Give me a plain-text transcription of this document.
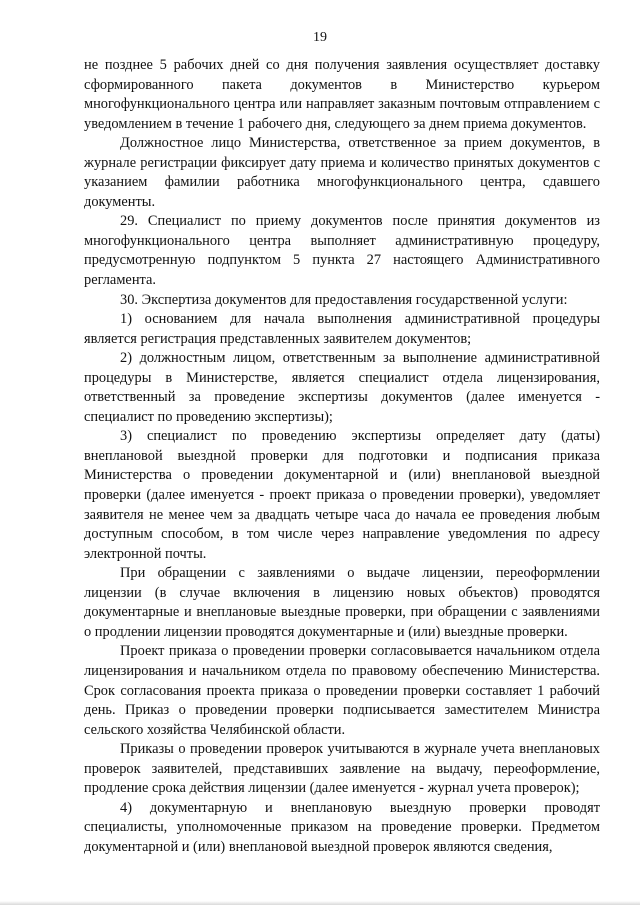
19

не позднее 5 рабочих дней со дня получения заявления осуществляет доставку сформированного пакета документов в Министерство курьером многофункционального центра или направляет заказным почтовым отправлением с уведомлением в течение 1 рабочего дня, следующего за днем приема документов.

Должностное лицо Министерства, ответственное за прием документов, в журнале регистрации фиксирует дату приема и количество принятых документов с указанием фамилии работника многофункционального центра, сдавшего документы.

29. Специалист по приему документов после принятия документов из многофункционального центра выполняет административную процедуру, предусмотренную подпунктом 5 пункта 27 настоящего Административного регламента.

30. Экспертиза документов для предоставления государственной услуги:

1) основанием для начала выполнения административной процедуры является регистрация представленных заявителем документов;

2) должностным лицом, ответственным за выполнение административной процедуры в Министерстве, является специалист отдела лицензирования, ответственный за проведение экспертизы документов (далее именуется - специалист по проведению экспертизы);

3) специалист по проведению экспертизы определяет дату (даты) внеплановой выездной проверки для подготовки и подписания приказа Министерства о проведении документарной и (или) внеплановой выездной проверки (далее именуется - проект приказа о проведении проверки), уведомляет заявителя не менее чем за двадцать четыре часа до начала ее проведения любым доступным способом, в том числе через направление уведомления по адресу электронной почты.

При обращении с заявлениями о выдаче лицензии, переоформлении лицензии (в случае включения в лицензию новых объектов) проводятся документарные и внеплановые выездные проверки, при обращении с заявлениями о продлении лицензии проводятся документарные и (или) выездные проверки.

Проект приказа о проведении проверки согласовывается начальником отдела лицензирования и начальником отдела по правовому обеспечению Министерства. Срок согласования проекта приказа о проведении проверки составляет 1 рабочий день. Приказ о проведении проверки подписывается заместителем Министра сельского хозяйства Челябинской области.

Приказы о проведении проверок учитываются в журнале учета внеплановых проверок заявителей, представивших заявление на выдачу, переоформление, продление срока действия лицензии (далее именуется - журнал учета проверок);

4) документарную и внеплановую выездную проверки проводят специалисты, уполномоченные приказом на проведение проверки. Предметом документарной и (или) внеплановой выездной проверок являются сведения,
